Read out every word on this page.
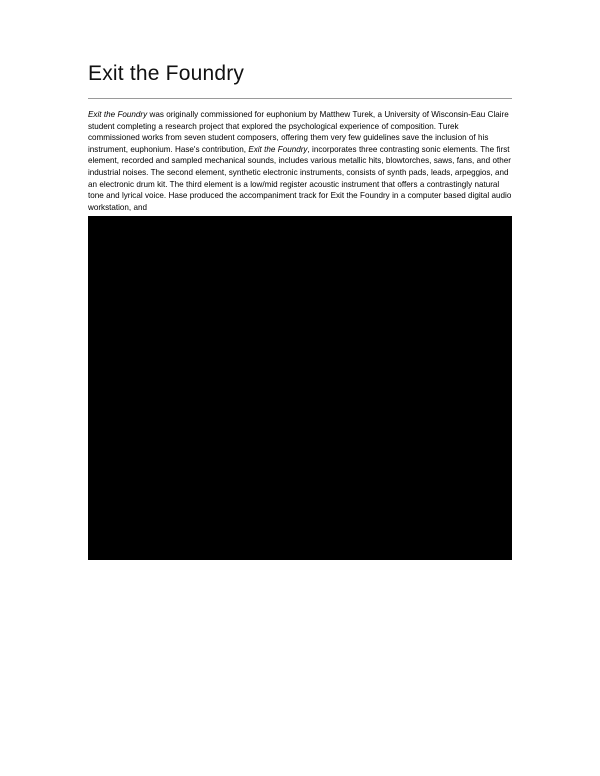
Exit the Foundry

Exit the Foundry was originally commissioned for euphonium by Matthew Turek, a University of Wisconsin-Eau Claire student completing a research project that explored the psychological experience of composition. Turek commissioned works from seven student composers, offering them very few guidelines save the inclusion of his instrument, euphonium. Hase's contribution, Exit the Foundry, incorporates three contrasting sonic elements. The first element, recorded and sampled mechanical sounds, includes various metallic hits, blowtorches, saws, fans, and other industrial noises. The second element, synthetic electronic instruments, consists of synth pads, leads, arpeggios, and an electronic drum kit. The third element is a low/mid register acoustic instrument that offers a contrastingly natural tone and lyrical voice. Hase produced the accompaniment track for Exit the Foundry in a computer based digital audio workstation, and

PREVIEW
VORSCHAU
APERÇU
